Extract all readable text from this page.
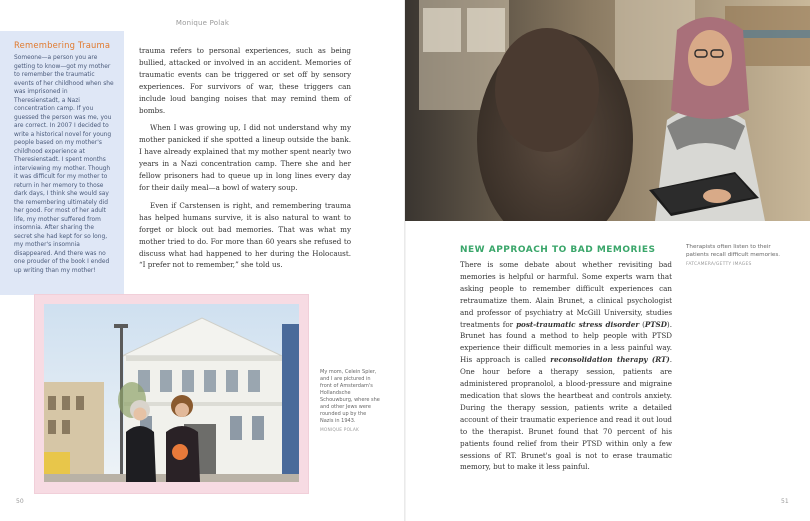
Monique Polak
Remembering Trauma
Someone—a person you are getting to know—got my mother to remember the traumatic events of her childhood when she was imprisoned in Theresienstadt, a Nazi concentration camp. If you guessed the person was me, you are correct. In 2007 I decided to write a historical novel for young people based on my mother's childhood experience at Theresienstadt. I spent months interviewing my mother. Though it was difficult for my mother to return in her memory to those dark days, I think she would say the remembering ultimately did her good. For most of her adult life, my mother suffered from insomnia. After sharing the secret she had kept for so long, my mother's insomnia disappeared. And there was no one prouder of the book I ended up writing than my mother!

trauma refers to personal experiences, such as being bullied, attacked or involved in an accident. Memories of traumatic events can be triggered or set off by sensory experiences. For survivors of war, these triggers can include loud banging noises that may remind them of bombs.

When I was growing up, I did not understand why my mother panicked if she spotted a lineup outside the bank. I have already explained that my mother spent nearly two years in a Nazi concentration camp. There she and her fellow prisoners had to queue up in long lines every day for their daily meal—a bowl of watery soup.

Even if Carstensen is right, and remembering trauma has helped humans survive, it is also natural to want to forget or block out bad memories. That was what my mother tried to do. For more than 60 years she refused to discuss what had happened to her during the Holocaust. “I prefer not to remember,” she told us.

My mom, Celein Spier, and I are pictured in front of Amsterdam's Hollandsche Schouwburg, where she and other Jews were rounded up by the Nazis in 1943.
MONIQUE POLAK
50
NEW APPROACH TO BAD MEMORIES

There is some debate about whether revisiting bad memories is helpful or harmful. Some experts warn that asking people to remember difficult experiences can retraumatize them. Alain Brunet, a clinical psychologist and professor of psychiatry at McGill University, studies treatments for post-traumatic stress disorder (PTSD). Brunet has found a method to help people with PTSD experience their difficult memories in a less painful way. His approach is called reconsolidation therapy (RT). One hour before a therapy session, patients are administered propranolol, a blood-pressure and migraine medication that slows the heartbeat and controls anxiety. During the therapy session, patients write a detailed account of their traumatic experience and read it out loud to the therapist. Brunet found that 70 percent of his patients found relief from their PTSD within only a few sessions of RT. Brunet's goal is not to erase traumatic memory, but to make it less painful.

Therapists often listen to their patients recall difficult memories.
FATCAMERA/GETTY IMAGES
51
